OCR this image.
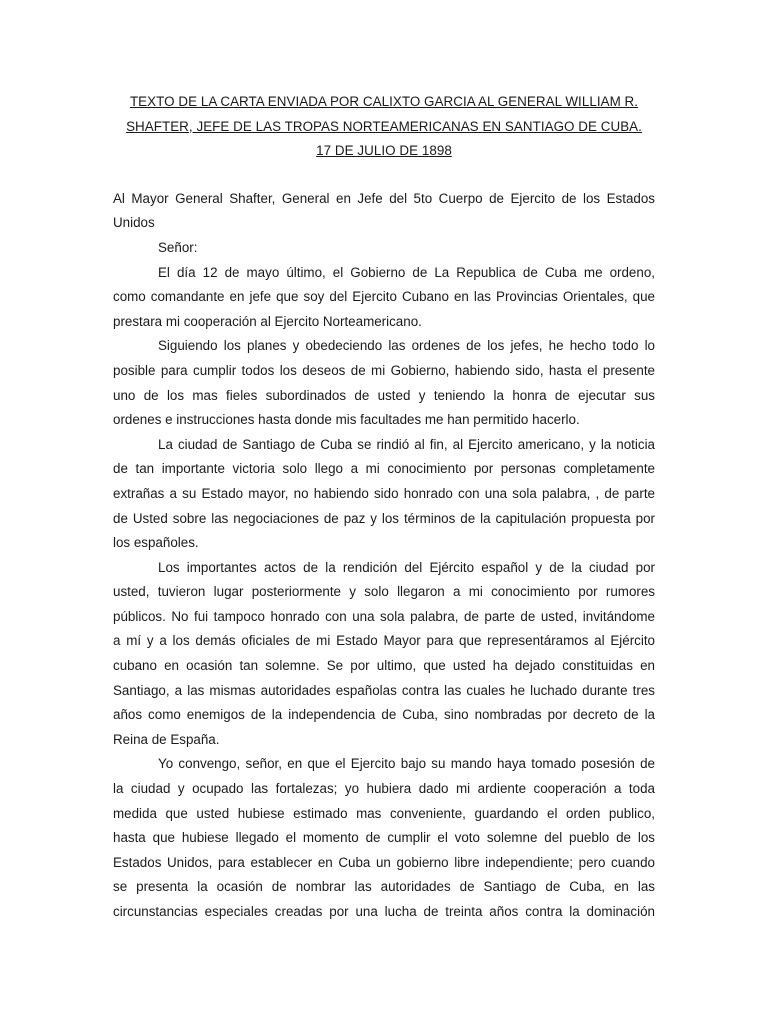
TEXTO DE LA CARTA ENVIADA POR CALIXTO GARCIA AL GENERAL WILLIAM R.
SHAFTER, JEFE DE LAS TROPAS NORTEAMERICANAS EN SANTIAGO DE CUBA.
17 DE JULIO DE 1898
Al Mayor General Shafter, General en Jefe del 5to Cuerpo de Ejercito de los Estados
Unidos
Señor:
El día 12 de mayo último, el Gobierno de La Republica de Cuba me ordeno,
como comandante en jefe que soy del Ejercito Cubano en las Provincias Orientales, que
prestara mi cooperación al Ejercito Norteamericano.
Siguiendo los planes y obedeciendo las ordenes de los jefes, he hecho todo lo
posible para cumplir todos los deseos de mi Gobierno, habiendo sido, hasta el presente
uno de los mas fieles subordinados de usted y teniendo la honra de ejecutar sus
ordenes e instrucciones hasta donde mis facultades me han permitido hacerlo.
La ciudad de Santiago de Cuba se rindió al fin, al Ejercito americano, y la noticia
de tan importante victoria solo llego a mi conocimiento por personas completamente
extrañas a su Estado mayor, no habiendo sido honrado con una sola palabra, , de parte
de Usted sobre las negociaciones de paz y los términos de la capitulación propuesta por
los españoles.
Los importantes actos de la rendición del Ejército español y de la ciudad por
usted, tuvieron lugar posteriormente y solo llegaron a mi conocimiento por rumores
públicos. No fui tampoco honrado con una sola palabra, de parte de usted, invitándome
a mí y a los demás oficiales de mi Estado Mayor para que representáramos al Ejército
cubano en ocasión tan solemne. Se por ultimo, que usted ha dejado constituidas en
Santiago, a las mismas autoridades españolas contra las cuales he luchado durante tres
años como enemigos de la independencia de Cuba, sino nombradas por decreto de la
Reina de España.
Yo convengo, señor, en que el Ejercito bajo su mando haya tomado posesión de
la ciudad y ocupado las fortalezas; yo hubiera dado mi ardiente cooperación a toda
medida que usted hubiese estimado mas conveniente, guardando el orden publico,
hasta que hubiese llegado el momento de cumplir el voto solemne del pueblo de los
Estados Unidos, para establecer en Cuba un gobierno libre independiente; pero cuando
se presenta la ocasión de nombrar las autoridades de Santiago de Cuba, en las
circunstancias especiales creadas por una lucha de treinta años contra la dominación
